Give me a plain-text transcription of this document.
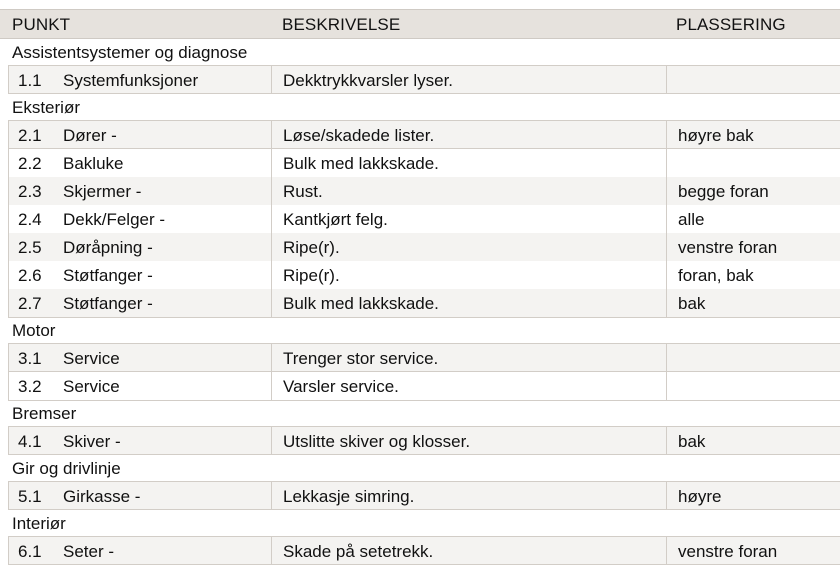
PUNKT	BESKRIVELSE	PLASSERING
Assistentsystemer og diagnose
1.1 Systemfunksjoner	Dekktrykkvarsler lyser.
Eksteriør
2.1 Dører -	Løse/skadede lister.	høyre bak
2.2 Bakluke	Bulk med lakkskade.
2.3 Skjermer -	Rust.	begge foran
2.4 Dekk/Felger -	Kantkjørt felg.	alle
2.5 Døråpning -	Ripe(r).	venstre foran
2.6 Støtfanger -	Ripe(r).	foran, bak
2.7 Støtfanger -	Bulk med lakkskade.	bak
Motor
3.1 Service	Trenger stor service.
3.2 Service	Varsler service.
Bremser
4.1 Skiver -	Utslitte skiver og klosser.	bak
Gir og drivlinje
5.1 Girkasse -	Lekkasje simring.	høyre
Interiør
6.1 Seter -	Skade på setetrekk.	venstre foran
